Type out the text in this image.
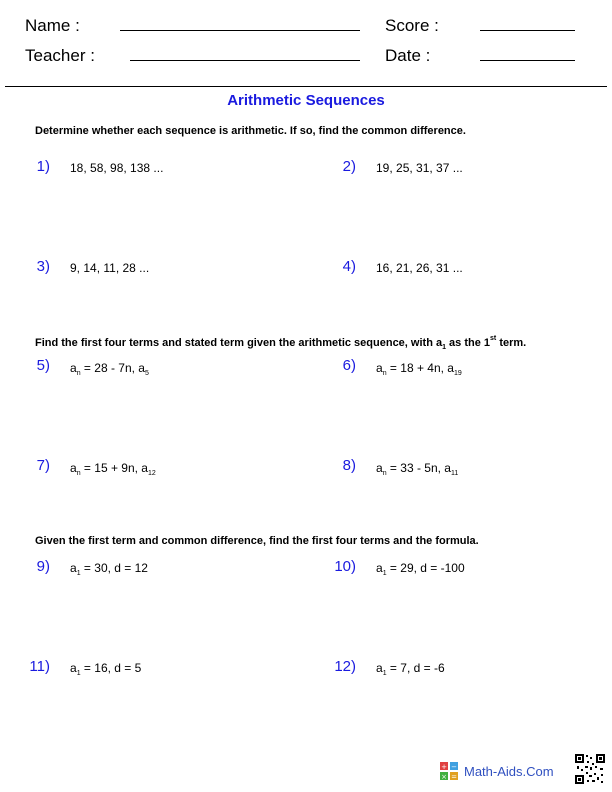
Name :	Score :
Teacher :	Date :
Arithmetic Sequences
Determine whether each sequence is arithmetic. If so, find the common difference.
1) 18, 58, 98, 138 ...	2) 19, 25, 31, 37 ...
3) 9, 14, 11, 28 ...	4) 16, 21, 26, 31 ...
Find the first four terms and stated term given the arithmetic sequence, with $a_1$ as the 1st term.
5) $a_n = 28 - 7n$, $a_5$	6) $a_n = 18 + 4n$, $a_{19}$
7) $a_n = 15 + 9n$, $a_{12}$	8) $a_n = 33 - 5n$, $a_{11}$
Given the first term and common difference, find the first four terms and the formula.
9) $a_1 = 30$, d = 12	10) $a_1 = 29$, d = -100
11) $a_1 = 16$, d = 5	12) $a_1 = 7$, d = -6
+ −
× = Math-Aids.Com
